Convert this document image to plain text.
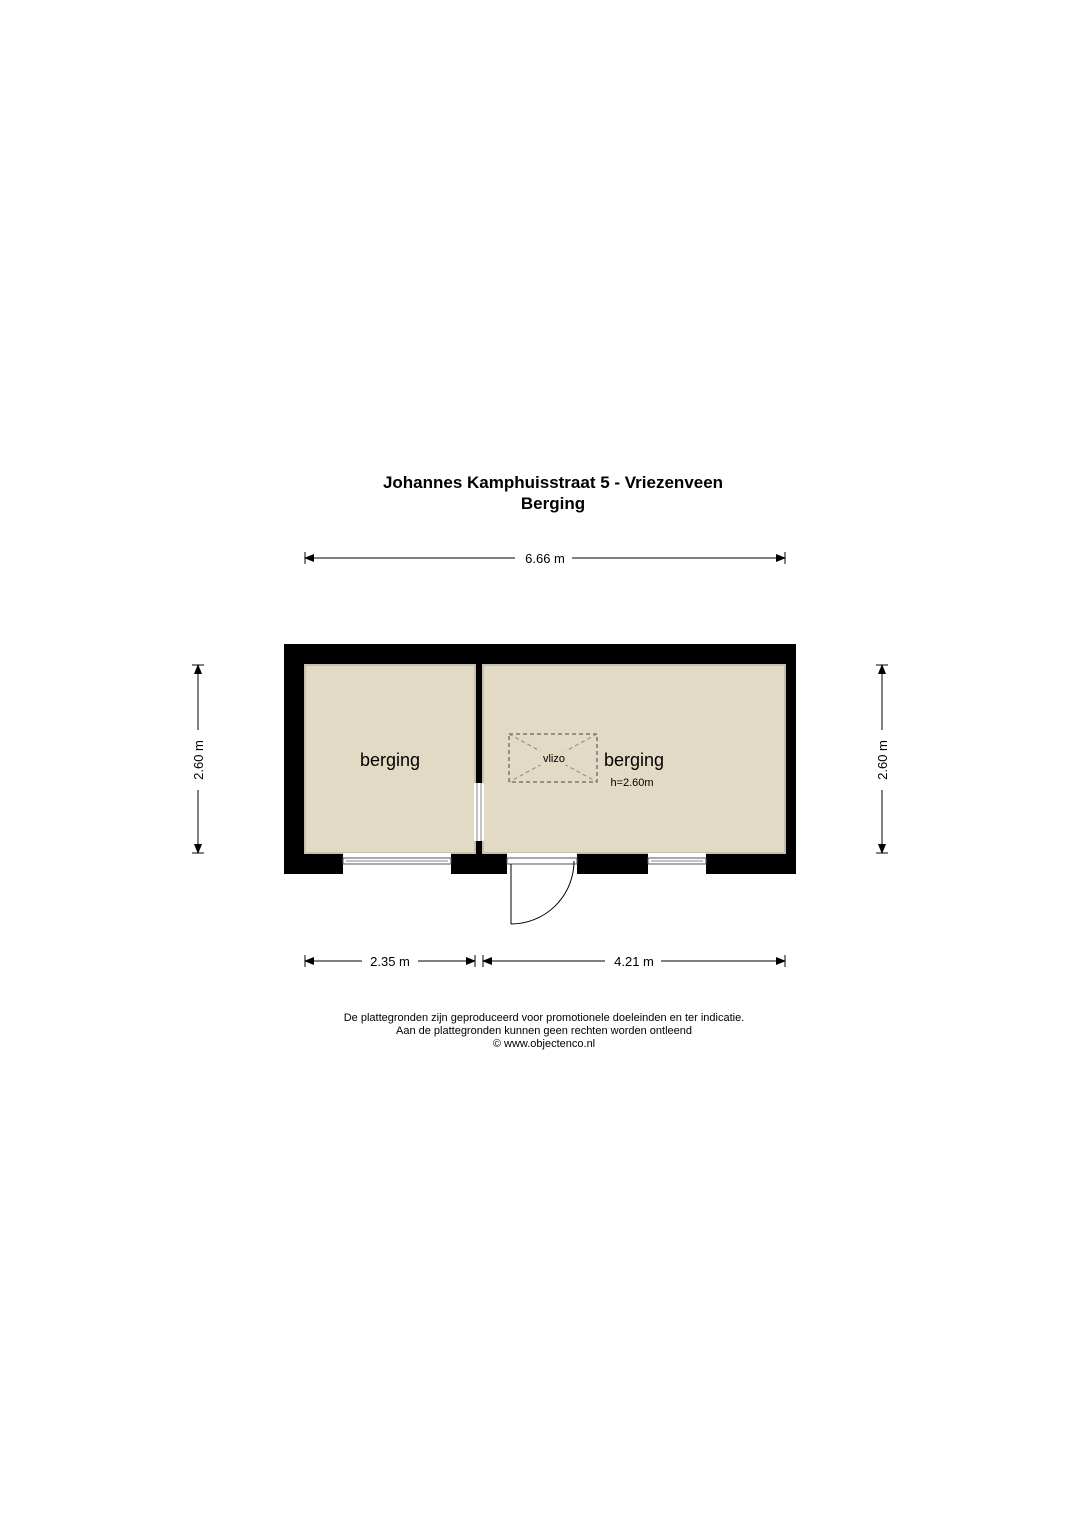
Johannes Kamphuisstraat 5 - Vriezenveen
Berging
6.66 m
2.60 m	2.60 m
vlizo
berging	berging
h=2.60m
2.35 m	4.21 m
De plattegronden zijn geproduceerd voor promotionele doeleinden en ter indicatie.
Aan de plattegronden kunnen geen rechten worden ontleend
© www.objectenco.nl
